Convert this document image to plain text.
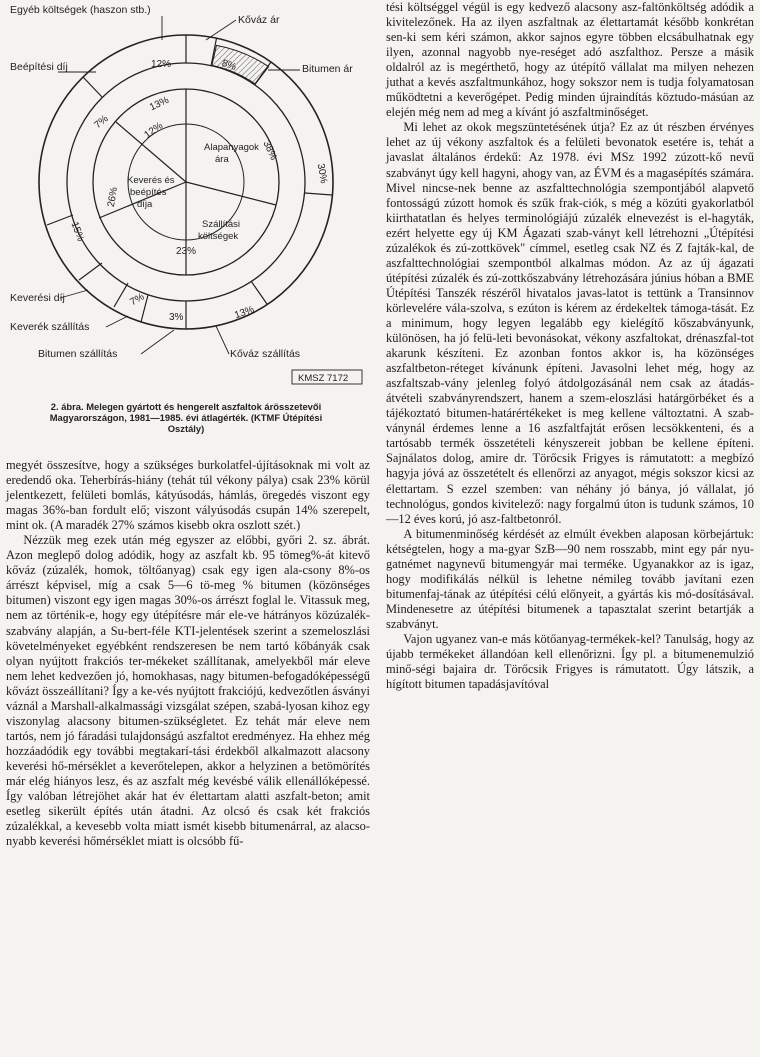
12%	8%
13%
7%
30%
15%
7%
3%	13%
38%
26%
23%
12%
Alapanyagok ára
Keverés és beépítés díja
Szállítási költségek
Egyéb költségek (haszon stb.)
Kőváz ár
Beépítési díj	Bitumen ár
Keverési díj
Keverék szállítás
Bitumen szállítás	Kőváz szállítás
KMSZ 7172
2. ábra. Melegen gyártott és hengerelt aszfaltok árösszetevői
Magyarországon, 1981—1985. évi átlagérték. (KTMF Útépítési
Osztály)

megyét összesítve, hogy a szükséges burkolatfel-újításoknak mi volt az eredendő oka. Teherbírás-hiány (tehát túl vékony pálya) csak 23% körül jelentkezett, felületi bomlás, kátyúsodás, hámlás, öregedés viszont egy magas 36%-ban fordult elő; viszont vályúsodás csupán 14% szerepelt, mint ok. (A maradék 27% számos kisebb okra oszlott szét.)

Nézzük meg ezek után még egyszer az előbbi, győri 2. sz. ábrát. Azon meglepő dolog adódik, hogy az aszfalt kb. 95 tömeg%-át kitevő kőváz (zúzalék, homok, töltőanyag) csak egy igen ala-csony 8%-os árrészt képvisel, míg a csak 5—6 tö-meg % bitumen (közönséges bitumen) viszont egy igen magas 30%-os árrészt foglal le. Vitassuk meg, nem az történik-e, hogy egy útépítésre már ele-ve hátrányos közúzalék-szabvány alapján, a Su-bert-féle KTI-jelentések szerint a szemeloszlási követelményeket egyébként rendszeresen be nem tartó kőbányák csak olyan nyújtott frakciós ter-mékeket szállítanak, amelyekből már eleve nem lehet kedvezően jó, homokhasas, nagy bitumen-befogadóképességű kővázt összeállítani? Így a ke-vés nyújtott frakciójú, kedvezőtlen ásványi váznál a Marshall-alkalmassági vizsgálat szépen, szabá-lyosan kihoz egy viszonylag alacsony bitumen-szükségletet. Ez tehát már eleve nem tartós, nem jó fáradási tulajdonságú aszfaltot eredményez. Ha ehhez még hozzáadódik egy további megtakarí-tási érdekből alkalmazott alacsony keverési hő-mérséklet a keverőtelepen, akkor a helyzinen a betömörítés már elég hiányos lesz, és az aszfalt még kevésbé válik ellenállóképessé. Így valóban létrejöhet akár hat év élettartam alatti aszfalt-beton; amit esetleg sikerült építés után átadni. Az olcsó és csak két frakciós zúzalékkal, a kevesebb volta miatt ismét kisebb bitumenárral, az alacso-nyabb keverési hőmérséklet miatt is olcsóbb fű-

tési költséggel végül is egy kedvező alacsony asz-faltönköltség adódik a kivitelezőnek. Ha az ilyen aszfaltnak az élettartamát később konkrétan sen-ki sem kéri számon, akkor sajnos egyre többen elcsábulhatnak egy ilyen, azonnal nagyobb nye-reséget adó aszfalthoz. Persze a másik oldalról az is megérthető, hogy az útépítő vállalat ma milyen nehezen juthat a kevés aszfaltmunkához, hogy sokszor nem is tudja folyamatosan működtetni a keverőgépet. Pedig minden újraindítás köztudo-másúan az elején még nem ad meg a kívánt jó aszfaltminőséget.

Mi lehet az okok megszüntetésének útja? Ez az út részben érvényes lehet az új vékony aszfaltok és a felületi bevonatok esetére is, tehát a javaslat általános érdekű: Az 1978. évi MSz 1992 zúzott-kő nevű szabványt úgy kell hagyni, ahogy van, az ÉVM és a magasépítés számára. Mivel nincse-nek benne az aszfalttechnológia szempontjából alapvető fontosságú zúzott homok és szűk frak-ciók, s még a közúti gyakorlatból kiirthatatlan és helyes terminológiájú zúzalék elnevezést is el-hagyták, ezért helyette egy új KM Ágazati szab-ványt kell létrehozni „Útépítési zúzalékok és zú-zottkövek" címmel, esetleg csak NZ és Z fajták-kal, de aszfalttechnológiai szempontból alkalmas módon. Az az új ágazati útépítési zúzalék és zú-zottkőszabvány létrehozására június hóban a BME Útépítési Tanszék részéről hivatalos javas-latot is tettünk a Transinnov körlevelére vála-szolva, s ezúton is kérem az érdekeltek támoga-tását. Ez a minimum, hogy legyen legalább egy kielégítő kőszabványunk, különösen, ha jó felü-leti bevonásokat, vékony aszfaltokat, drénaszfal-tot akarunk készíteni. Ez azonban fontos akkor is, ha közönséges aszfaltbeton-réteget kívánunk építeni. Javasolni lehet még, hogy az aszfaltszab-vány jelenleg folyó átdolgozásánál nem csak az átadás-átvételi szabványrendszert, hanem a szem-eloszlási határgörbéket és a tájékoztató bitumen-határértékeket is meg kellene változtatni. A szab-ványnál érdemes lenne a 16 aszfaltfajtát erősen lecsökkenteni, és a tartósabb termék összetételi kényszereit jobban be kellene építeni. Sajnálatos dolog, amire dr. Törőcsik Frigyes is rámutatott: a megbízó hagyja jóvá az összetételt és ellenőrzi az anyagot, mégis sokszor kicsi az élettartam. S ezzel szemben: van néhány jó bánya, jó vállalat, jó technológus, gondos kivitelező: nagy forgalmú úton is tudunk számos, 10—12 éves korú, jó asz-faltbetonról.

A bitumenminőség kérdését az elmúlt években alaposan körbejártuk: kétségtelen, hogy a ma-gyar SzB—90 nem rosszabb, mint egy pár nyu-gatnémet nagynevű bitumengyár mai terméke. Ugyanakkor az is igaz, hogy modifikálás nélkül is lehetne némileg tovább javítani ezen bitumenfaj-tának az útépítési célú előnyeit, a gyártás kis mó-dosításával. Mindenesetre az útépítési bitumenek a tapasztalat szerint betartják a szabványt.

Vajon ugyanez van-e más kötőanyag-termékek-kel? Tanulság, hogy az újabb termékeket állandóan kell ellenőrizni. Így pl. a bitumenemulzió minő-ségi bajaira dr. Törőcsik Frigyes is rámutatott. Úgy látszik, a hígított bitumen tapadásjavítóval
